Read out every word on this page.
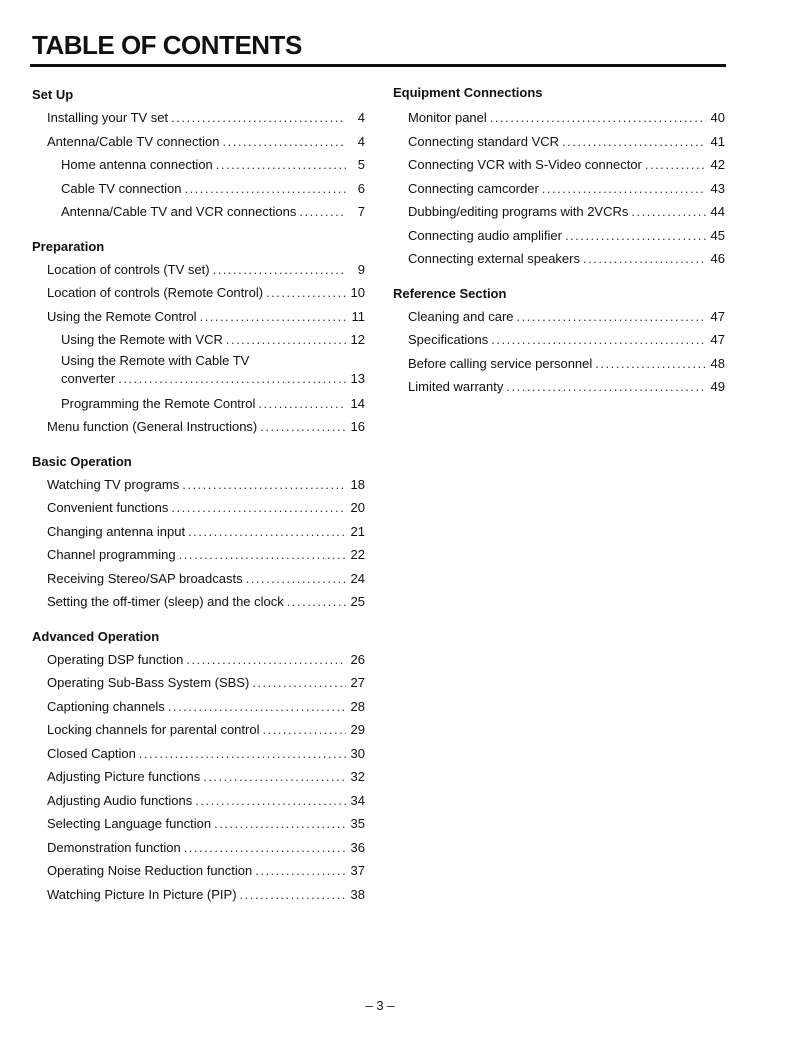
TABLE OF CONTENTS
Set Up
Installing your TV set .....	4
Antenna/Cable TV connection .....	4
Home antenna connection .....	5
Cable TV connection .....	6
Antenna/Cable TV and VCR connections .....	7
Preparation
Location of controls (TV set) .....	9
Location of controls (Remote Control) .....	10
Using the Remote Control .....	11
Using the Remote with VCR .....	12
Using the Remote with Cable TV
converter .....	13
Programming the Remote Control .....	14
Menu function (General Instructions) .....	16
Basic Operation
Watching TV programs .....	18
Convenient functions .....	20
Changing antenna input .....	21
Channel programming .....	22
Receiving Stereo/SAP broadcasts .....	24
Setting the off-timer (sleep) and the clock .....	25
Advanced Operation
Operating DSP function .....	26
Operating Sub-Bass System (SBS) .....	27
Captioning channels .....	28
Locking channels for parental control .....	29
Closed Caption .....	30
Adjusting Picture functions .....	32
Adjusting Audio functions .....	34
Selecting Language function .....	35
Demonstration function .....	36
Operating Noise Reduction function .....	37
Watching Picture In Picture (PIP) .....	38
Equipment Connections
Monitor panel .....	40
Connecting standard VCR .....	41
Connecting VCR with S-Video connector .....	42
Connecting camcorder .....	43
Dubbing/editing programs with 2VCRs .....	44
Connecting audio amplifier .....	45
Connecting external speakers .....	46
Reference Section
Cleaning and care .....	47
Specifications .....	47
Before calling service personnel .....	48
Limited warranty .....	49
– 3 –
